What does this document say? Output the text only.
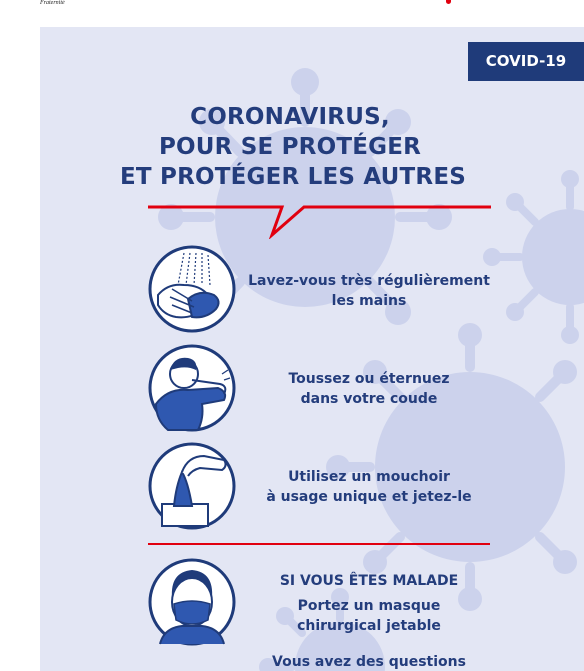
Fraternité
COVID-19
CORONAVIRUS,
POUR SE PROTÉGER
ET PROTÉGER LES AUTRES
Lavez-vous très régulièrement
les mains
Toussez ou éternuez
dans votre coude
Utilisez un mouchoir
à usage unique et jetez-le
SI VOUS ÊTES MALADE
Portez un masque
chirurgical jetable
Vous avez des questions
